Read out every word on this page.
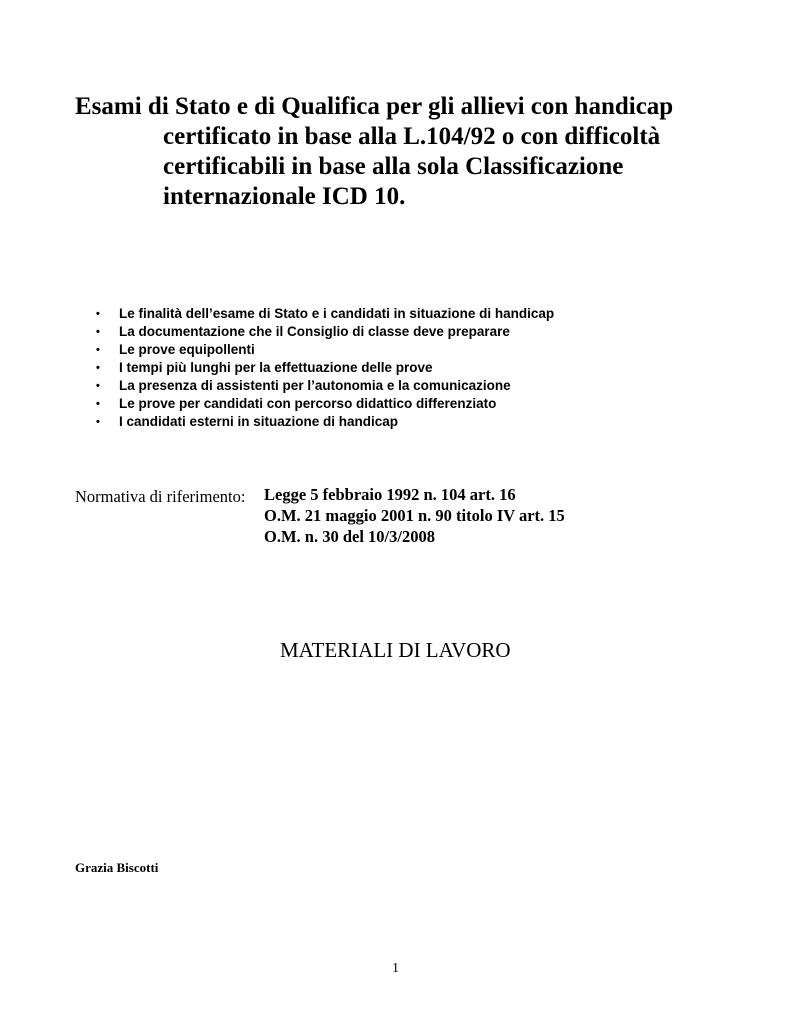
Esami di Stato e di Qualifica per gli allievi con handicap
certificato in base alla L.104/92 o con difficoltà
certificabili in base alla sola Classificazione
internazionale ICD 10.
• Le finalità dell’esame di Stato e i candidati in situazione di handicap
• La documentazione che il Consiglio di classe deve preparare
• Le prove equipollenti
• I tempi più lunghi per la effettuazione delle prove
• La presenza di assistenti per l’autonomia e la comunicazione
• Le prove per candidati con percorso didattico differenziato
• I candidati esterni in situazione di handicap
Normativa di riferimento: Legge 5 febbraio 1992 n. 104 art. 16
O.M. 21 maggio 2001 n. 90 titolo IV art. 15
O.M. n. 30 del 10/3/2008
MATERIALI DI LAVORO
Grazia Biscotti
1
